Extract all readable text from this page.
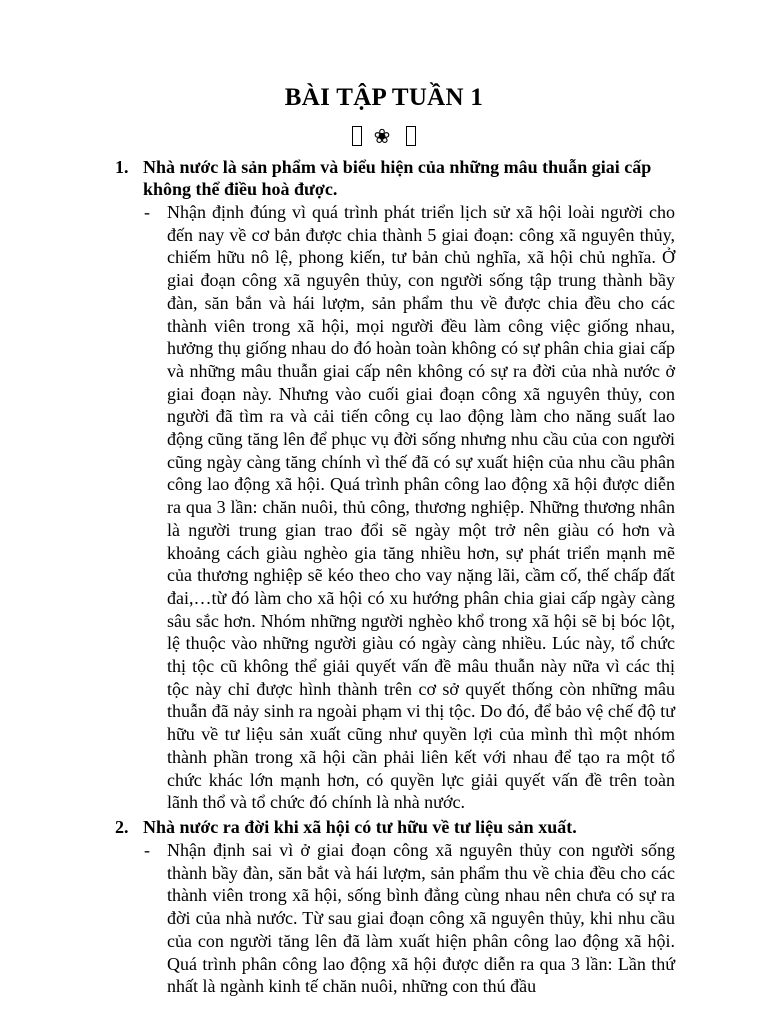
BÀI TẬP TUẦN 1
❀
1. Nhà nước là sản phẩm và biểu hiện của những mâu thuẫn giai cấp không thể điều hoà được.
- Nhận định đúng vì quá trình phát triển lịch sử xã hội loài người cho đến nay về cơ bản được chia thành 5 giai đoạn: công xã nguyên thủy, chiếm hữu nô lệ, phong kiến, tư bản chủ nghĩa, xã hội chủ nghĩa. Ở giai đoạn công xã nguyên thủy, con người sống tập trung thành bầy đàn, săn bắn và hái lượm, sản phẩm thu về được chia đều cho các thành viên trong xã hội, mọi người đều làm công việc giống nhau, hưởng thụ giống nhau do đó hoàn toàn không có sự phân chia giai cấp và những mâu thuẫn giai cấp nên không có sự ra đời của nhà nước ở giai đoạn này. Nhưng vào cuối giai đoạn công xã nguyên thủy, con người đã tìm ra và cải tiến công cụ lao động làm cho năng suất lao động cũng tăng lên để phục vụ đời sống nhưng nhu cầu của con người cũng ngày càng tăng chính vì thế đã có sự xuất hiện của nhu cầu phân công lao động xã hội. Quá trình phân công lao động xã hội được diễn ra qua 3 lần: chăn nuôi, thủ công, thương nghiệp. Những thương nhân là người trung gian trao đổi sẽ ngày một trở nên giàu có hơn và khoảng cách giàu nghèo gia tăng nhiều hơn, sự phát triển mạnh mẽ của thương nghiệp sẽ kéo theo cho vay nặng lãi, cầm cố, thế chấp đất đai,…từ đó làm cho xã hội có xu hướng phân chia giai cấp ngày càng sâu sắc hơn. Nhóm những người nghèo khổ trong xã hội sẽ bị bóc lột, lệ thuộc vào những người giàu có ngày càng nhiều. Lúc này, tổ chức thị tộc cũ không thể giải quyết vấn đề mâu thuẫn này nữa vì các thị tộc này chỉ được hình thành trên cơ sở quyết thống còn những mâu thuẫn đã nảy sinh ra ngoài phạm vi thị tộc. Do đó, để bảo vệ chế độ tư hữu về tư liệu sản xuất cũng như quyền lợi của mình thì một nhóm thành phần trong xã hội cần phải liên kết với nhau để tạo ra một tổ chức khác lớn mạnh hơn, có quyền lực giải quyết vấn đề trên toàn lãnh thổ và tổ chức đó chính là nhà nước.
2. Nhà nước ra đời khi xã hội có tư hữu về tư liệu sản xuất.
- Nhận định sai vì ở giai đoạn công xã nguyên thủy con người sống thành bầy đàn, săn bắt và hái lượm, sản phẩm thu về chia đều cho các thành viên trong xã hội, sống bình đẳng cùng nhau nên chưa có sự ra đời của nhà nước. Từ sau giai đoạn công xã nguyên thủy, khi nhu cầu của con người tăng lên đã làm xuất hiện phân công lao động xã hội. Quá trình phân công lao động xã hội được diễn ra qua 3 lần: Lần thứ nhất là ngành kinh tế chăn nuôi, những con thú đầu
